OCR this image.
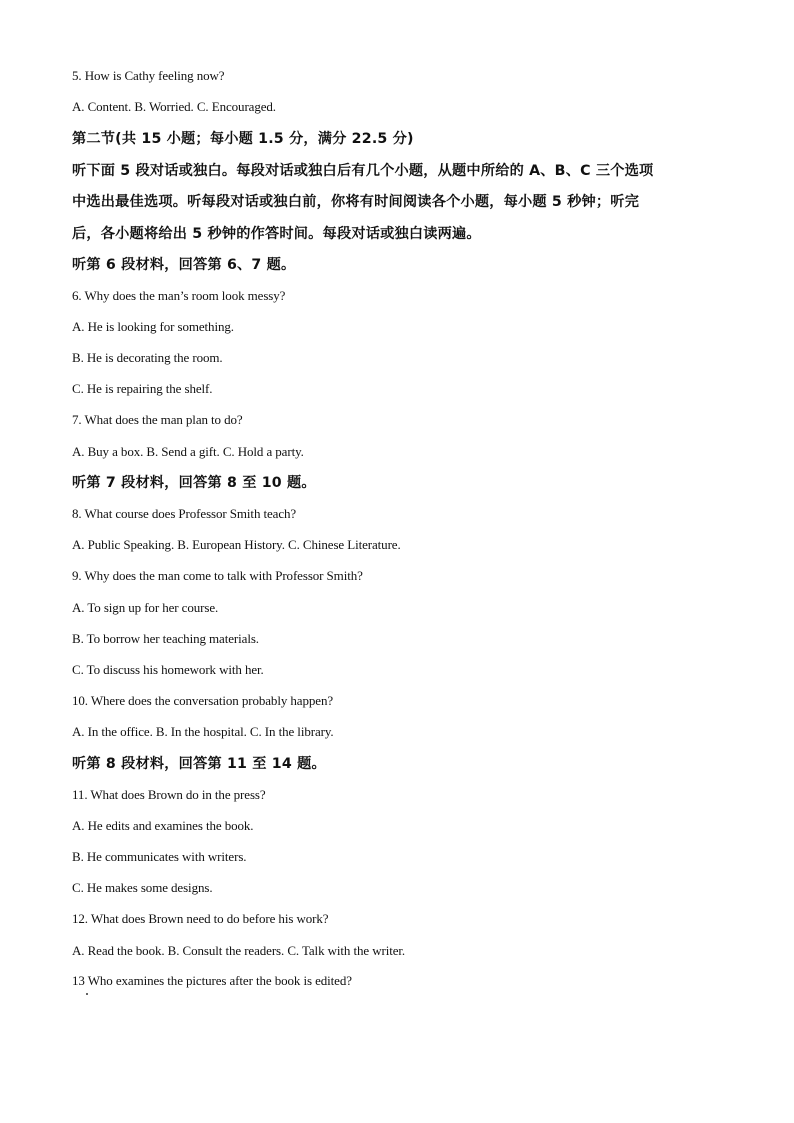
5. How is Cathy feeling now?
A. Content. B. Worried. C. Encouraged.
第二节(共 15 小题；每小题 1.5 分，满分 22.5 分)
听下面 5 段对话或独白。每段对话或独白后有几个小题，从题中所给的 A、B、C 三个选项
中选出最佳选项。听每段对话或独白前，你将有时间阅读各个小题，每小题 5 秒钟；听完
后，各小题将给出 5 秒钟的作答时间。每段对话或独白读两遍。
听第 6 段材料，回答第 6、7 题。
6. Why does the man’s room look messy?
A. He is looking for something.
B. He is decorating the room.
C. He is repairing the shelf.
7. What does the man plan to do?
A. Buy a box. B. Send a gift. C. Hold a party.
听第 7 段材料，回答第 8 至 10 题。
8. What course does Professor Smith teach?
A. Public Speaking. B. European History. C. Chinese Literature.
9. Why does the man come to talk with Professor Smith?
A. To sign up for her course.
B. To borrow her teaching materials.
C. To discuss his homework with her.
10. Where does the conversation probably happen?
A. In the office. B. In the hospital. C. In the library.
听第 8 段材料，回答第 11 至 14 题。
11. What does Brown do in the press?
A. He edits and examines the book.
B. He communicates with writers.
C. He makes some designs.
12. What does Brown need to do before his work?
A. Read the book. B. Consult the readers. C. Talk with the writer.
13 Who examines the pictures after the book is edited?
